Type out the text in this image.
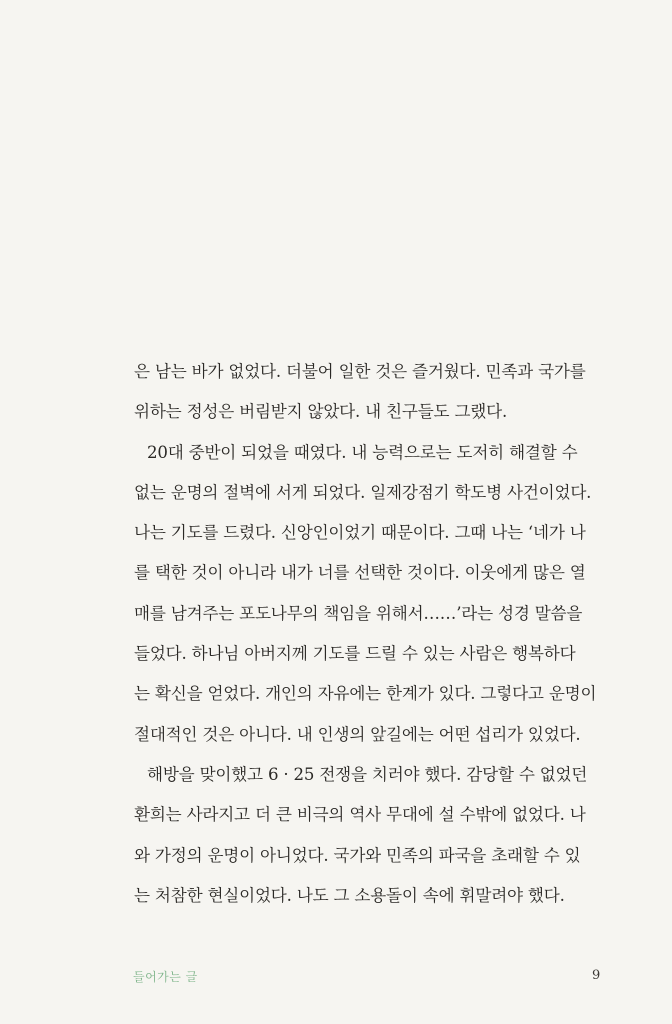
은 남는 바가 없었다. 더불어 일한 것은 즐거웠다. 민족과 국가를
위하는 정성은 버림받지 않았다. 내 친구들도 그랬다.
20대 중반이 되었을 때였다. 내 능력으로는 도저히 해결할 수
없는 운명의 절벽에 서게 되었다. 일제강점기 학도병 사건이었다.
나는 기도를 드렸다. 신앙인이었기 때문이다. 그때 나는 ‘네가 나
를 택한 것이 아니라 내가 너를 선택한 것이다. 이웃에게 많은 열
매를 남겨주는 포도나무의 책임을 위해서……’라는 성경 말씀을
들었다. 하나님 아버지께 기도를 드릴 수 있는 사람은 행복하다
는 확신을 얻었다. 개인의 자유에는 한계가 있다. 그렇다고 운명이
절대적인 것은 아니다. 내 인생의 앞길에는 어떤 섭리가 있었다.
해방을 맞이했고 6 · 25 전쟁을 치러야 했다. 감당할 수 없었던
환희는 사라지고 더 큰 비극의 역사 무대에 설 수밖에 없었다. 나
와 가정의 운명이 아니었다. 국가와 민족의 파국을 초래할 수 있
는 처참한 현실이었다. 나도 그 소용돌이 속에 휘말려야 했다.
들어가는 글	9
